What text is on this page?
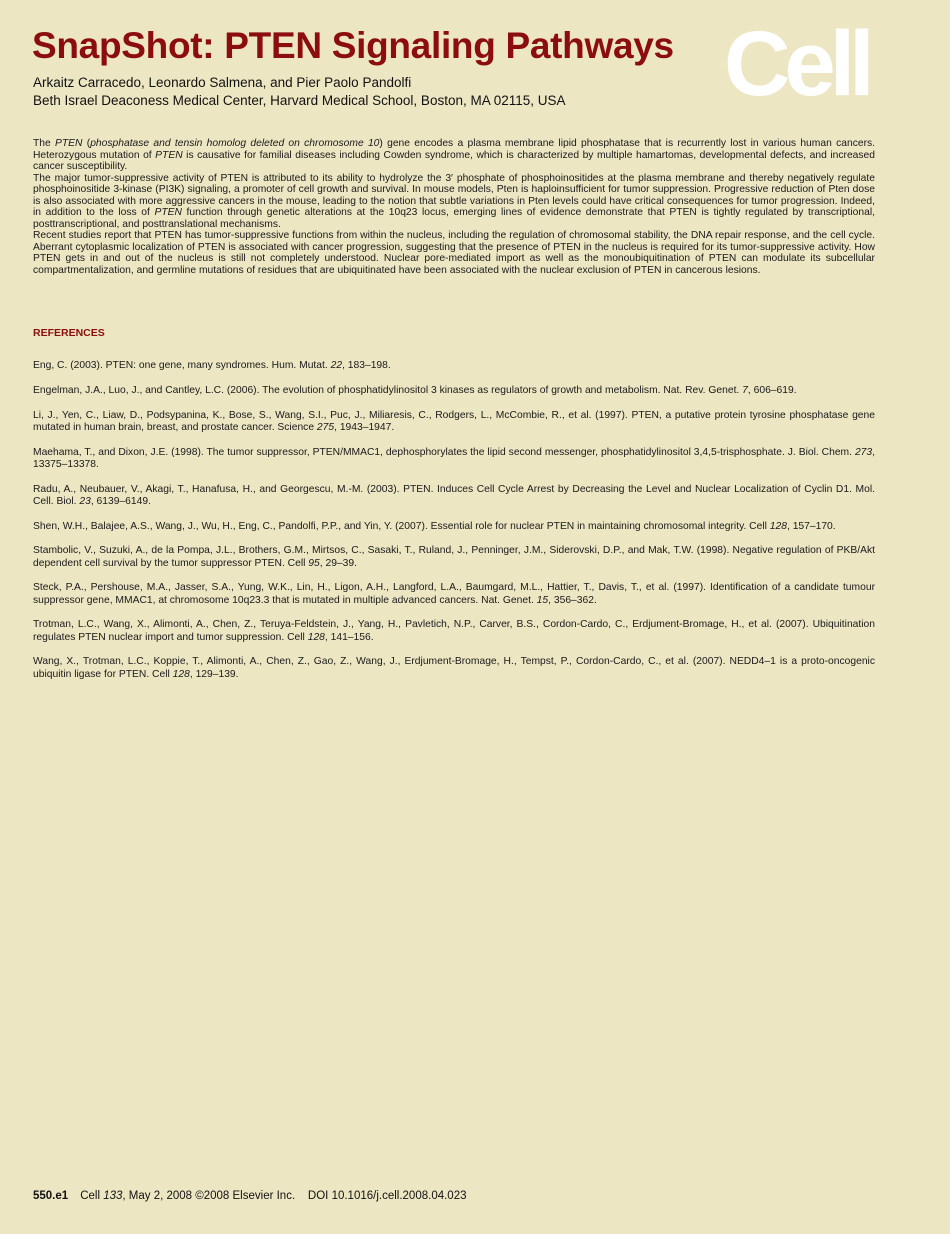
SnapShot: PTEN Signaling Pathways
Arkaitz Carracedo, Leonardo Salmena, and Pier Paolo Pandolfi
Beth Israel Deaconess Medical Center, Harvard Medical School, Boston, MA 02115, USA Cell

The PTEN (phosphatase and tensin homolog deleted on chromosome 10) gene encodes a plasma membrane lipid phosphatase that is recurrently lost in various human cancers. Heterozygous mutation of PTEN is causative for familial diseases including Cowden syndrome, which is characterized by multiple hamartomas, developmental defects, and increased cancer susceptibility.

The major tumor-suppressive activity of PTEN is attributed to its ability to hydrolyze the 3′ phosphate of phosphoinositides at the plasma membrane and thereby negatively regulate phosphoinositide 3-kinase (PI3K) signaling, a promoter of cell growth and survival. In mouse models, Pten is haploinsufficient for tumor suppression. Progressive reduction of Pten dose is also associated with more aggressive cancers in the mouse, leading to the notion that subtle variations in Pten levels could have critical consequences for tumor progression. Indeed, in addition to the loss of PTEN function through genetic alterations at the 10q23 locus, emerging lines of evidence demonstrate that PTEN is tightly regulated by transcriptional, posttranscriptional, and posttranslational mechanisms.

Recent studies report that PTEN has tumor-suppressive functions from within the nucleus, including the regulation of chromosomal stability, the DNA repair response, and the cell cycle. Aberrant cytoplasmic localization of PTEN is associated with cancer progression, suggesting that the presence of PTEN in the nucleus is required for its tumor-suppressive activity. How PTEN gets in and out of the nucleus is still not completely understood. Nuclear pore-mediated import as well as the monoubiquitination of PTEN can modulate its subcellular compartmentalization, and germline mutations of residues that are ubiquitinated have been associated with the nuclear exclusion of PTEN in cancerous lesions.

REFERENCES

Eng, C. (2003). PTEN: one gene, many syndromes. Hum. Mutat. 22, 183–198.

Engelman, J.A., Luo, J., and Cantley, L.C. (2006). The evolution of phosphatidylinositol 3 kinases as regulators of growth and metabolism. Nat. Rev. Genet. 7, 606–619.

Li, J., Yen, C., Liaw, D., Podsypanina, K., Bose, S., Wang, S.I., Puc, J., Miliaresis, C., Rodgers, L., McCombie, R., et al. (1997). PTEN, a putative protein tyrosine phosphatase gene mutated in human brain, breast, and prostate cancer. Science 275, 1943–1947.

Maehama, T., and Dixon, J.E. (1998). The tumor suppressor, PTEN/MMAC1, dephosphorylates the lipid second messenger, phosphatidylinositol 3,4,5-trisphosphate. J. Biol. Chem. 273, 13375–13378.

Radu, A., Neubauer, V., Akagi, T., Hanafusa, H., and Georgescu, M.-M. (2003). PTEN. Induces Cell Cycle Arrest by Decreasing the Level and Nuclear Localization of Cyclin D1. Mol. Cell. Biol. 23, 6139–6149.

Shen, W.H., Balajee, A.S., Wang, J., Wu, H., Eng, C., Pandolfi, P.P., and Yin, Y. (2007). Essential role for nuclear PTEN in maintaining chromosomal integrity. Cell 128, 157–170.

Stambolic, V., Suzuki, A., de la Pompa, J.L., Brothers, G.M., Mirtsos, C., Sasaki, T., Ruland, J., Penninger, J.M., Siderovski, D.P., and Mak, T.W. (1998). Negative regulation of PKB/Akt dependent cell survival by the tumor suppressor PTEN. Cell 95, 29–39.

Steck, P.A., Pershouse, M.A., Jasser, S.A., Yung, W.K., Lin, H., Ligon, A.H., Langford, L.A., Baumgard, M.L., Hattier, T., Davis, T., et al. (1997). Identification of a candidate tumour suppressor gene, MMAC1, at chromosome 10q23.3 that is mutated in multiple advanced cancers. Nat. Genet. 15, 356–362.

Trotman, L.C., Wang, X., Alimonti, A., Chen, Z., Teruya-Feldstein, J., Yang, H., Pavletich, N.P., Carver, B.S., Cordon-Cardo, C., Erdjument-Bromage, H., et al. (2007). Ubiquitination regulates PTEN nuclear import and tumor suppression. Cell 128, 141–156.

Wang, X., Trotman, L.C., Koppie, T., Alimonti, A., Chen, Z., Gao, Z., Wang, J., Erdjument-Bromage, H., Tempst, P., Cordon-Cardo, C., et al. (2007). NEDD4–1 is a proto-oncogenic ubiquitin ligase for PTEN. Cell 128, 129–139.

550.e1 Cell 133, May 2, 2008 ©2008 Elsevier Inc.    DOI 10.1016/j.cell.2008.04.023
